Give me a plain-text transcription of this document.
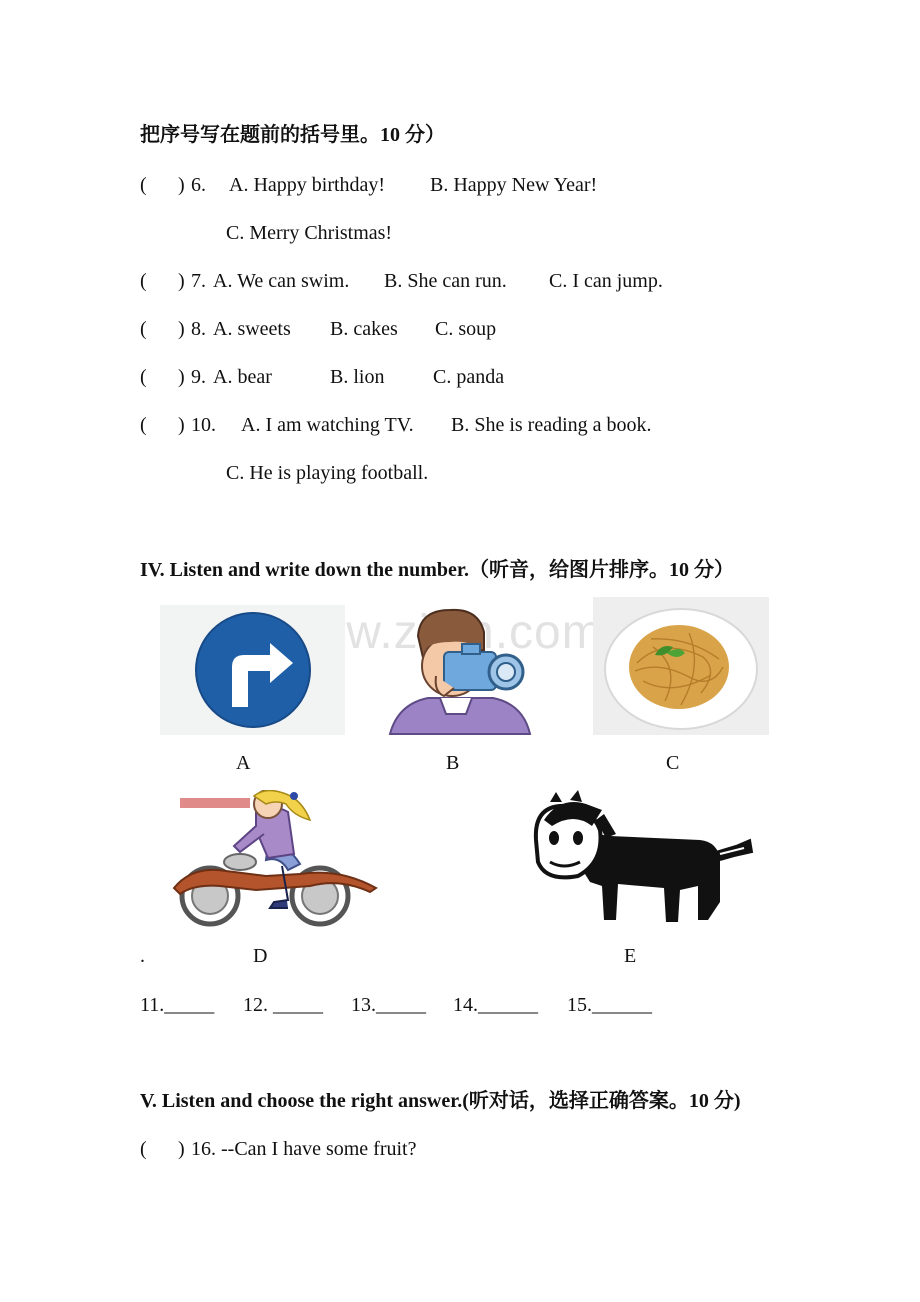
把序号写在题前的括号里。10 分）
( ) 6. A. Happy birthday! B. Happy New Year!
C. Merry Christmas!
( ) 7. A. We can swim. B. She can run. C. I can jump.
( ) 8. A. sweets B. cakes C. soup
( ) 9. A. bear	B. lion C. panda
( ) 10. A. I am watching TV. B. She is reading a book.
C. He is playing football.
IV. Listen and write down the number.（听音，给图片排序。10 分）
A	B	C
.	D	E
11._____ 12. _____ 13._____ 14.______ 15.______
V. Listen and choose the right answer.(听对话，选择正确答案。10 分)
( ) 16. --Can I have some fruit?
